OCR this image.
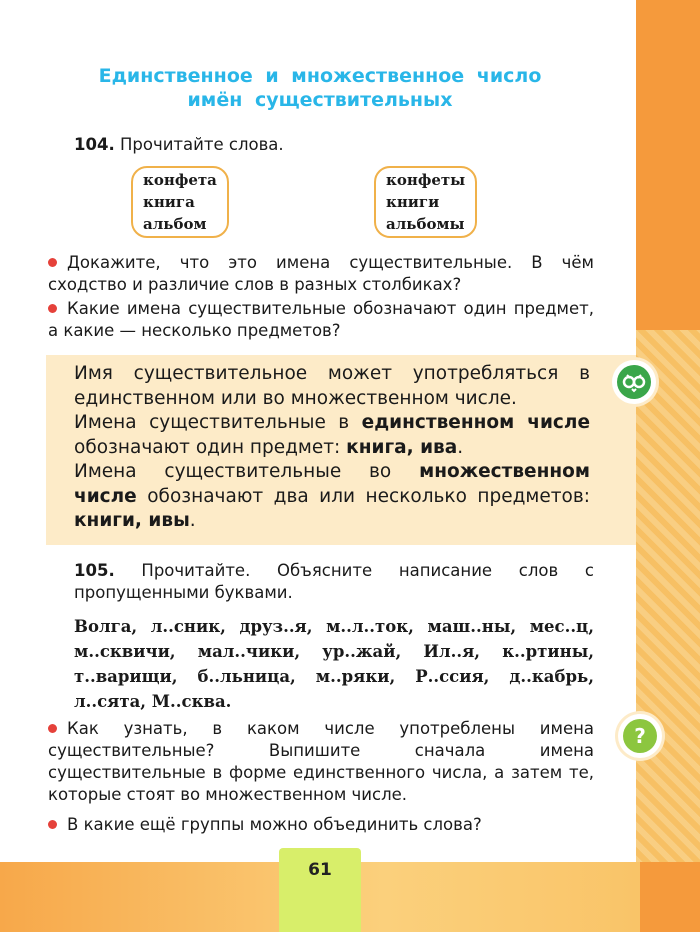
Единственное и множественное число
имён существительных
104. Прочитайте слова.
конфета
книга
альбом
конфеты
книги
альбомы
Докажите, что это имена существительные. В чём сходство и различие слов в разных столбиках?
Какие имена существительные обозначают один предмет, а какие — несколько предметов?
Имя существительное может употребляться в единственном или во множественном числе.
Имена существительные в единственном числе обозначают один предмет: книга, ива.
Имена существительные во множественном числе обозначают два или несколько предметов: книги, ивы.
105. Прочитайте. Объясните написание слов с пропущенными буквами.
Волга, л..сник, друз..я, м..л..ток, маш..ны, мес..ц, м..сквичи, мал..чики, ур..жай, Ил..я, к..ртины, т..варищи, б..льница, м..ряки, Р..ссия, д..кабрь, л..сята, М..сква.
Как узнать, в каком числе употреблены имена существительные? Выпишите сначала имена существительные в форме единственного числа, а затем те, которые стоят во множественном числе.
В какие ещё группы можно объединить слова?
?
61
